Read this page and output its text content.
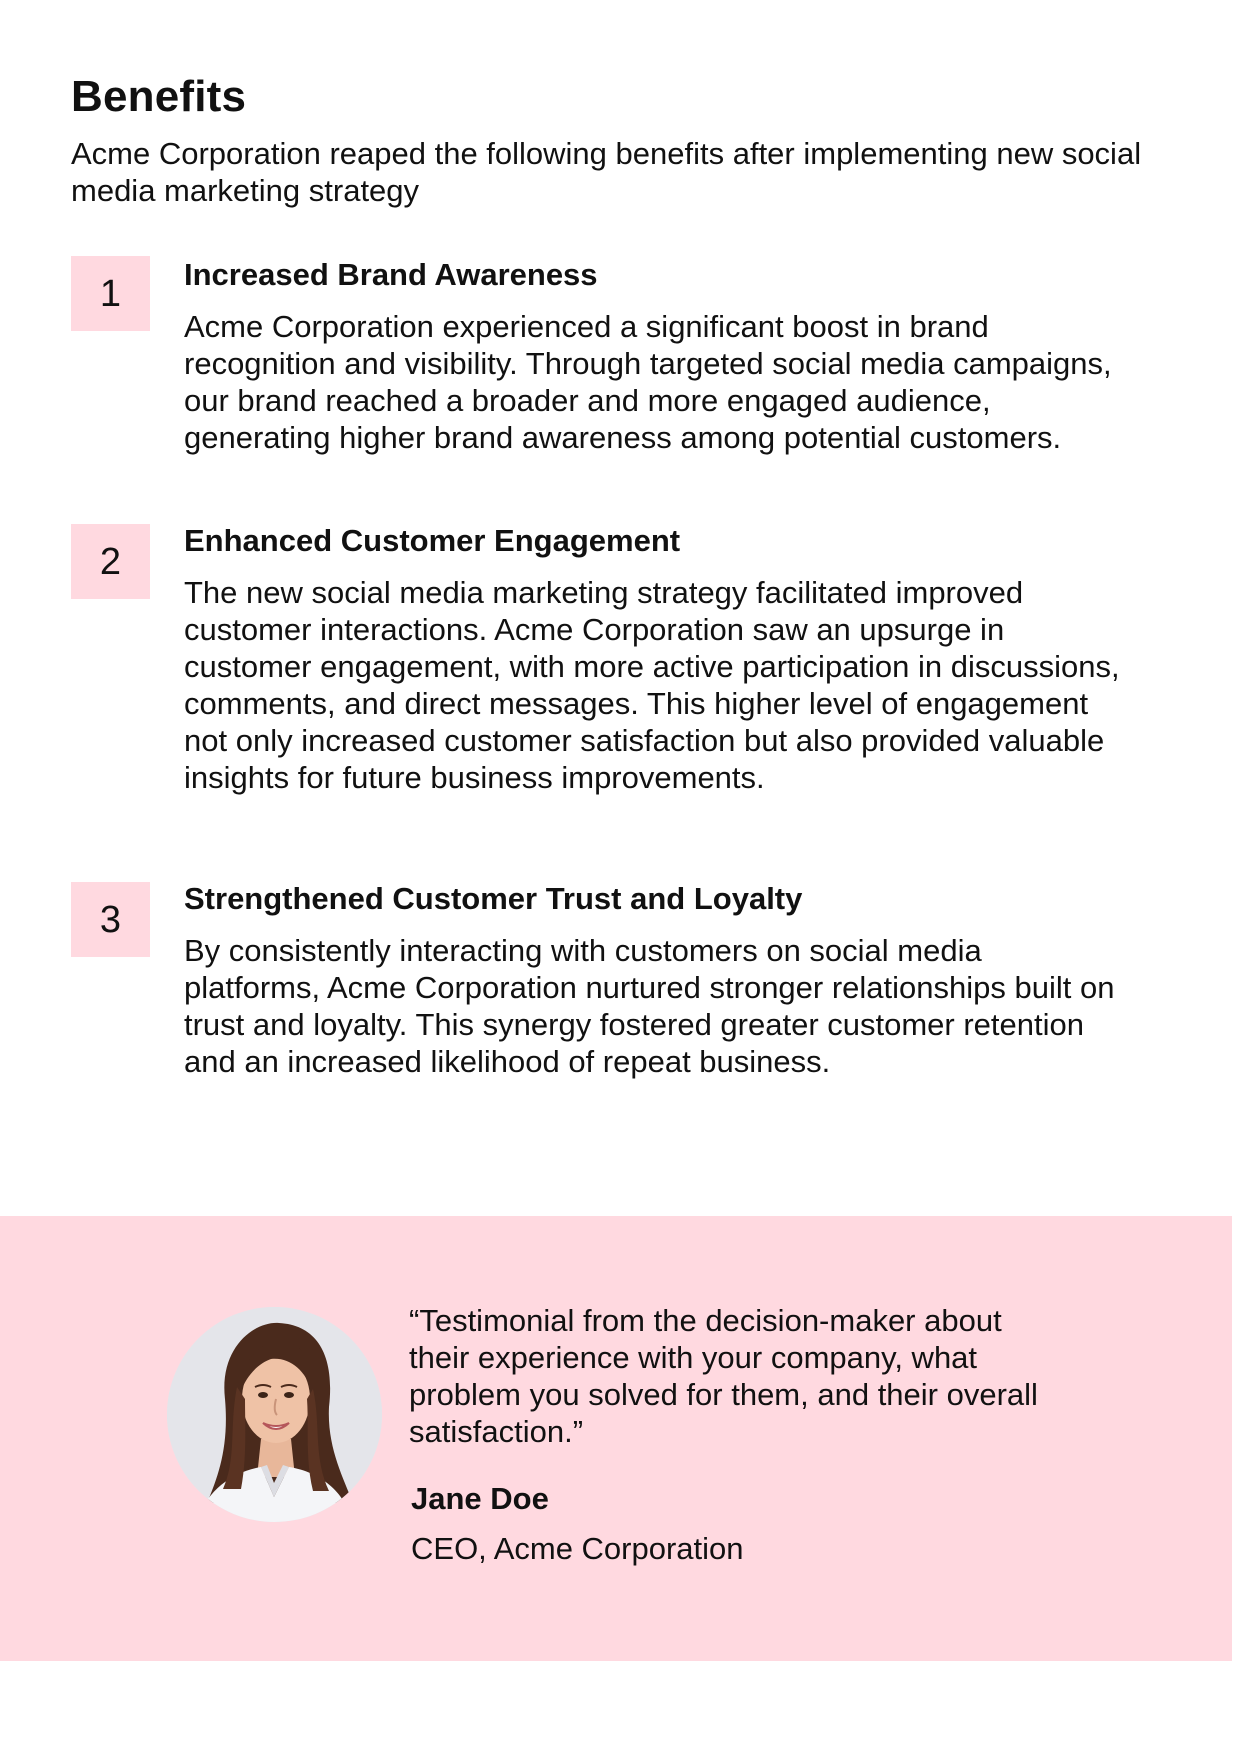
Benefits

Acme Corporation reaped the following benefits after implementing new social media marketing strategy

1	Increased Brand Awareness

Acme Corporation experienced a significant boost in brand recognition and visibility. Through targeted social media campaigns, our brand reached a broader and more engaged audience, generating higher brand awareness among potential customers.

2	Enhanced Customer Engagement

The new social media marketing strategy facilitated improved customer interactions. Acme Corporation saw an upsurge in customer engagement, with more active participation in discussions, comments, and direct messages. This higher level of engagement not only increased customer satisfaction but also provided valuable insights for future business improvements.

3	Strengthened Customer Trust and Loyalty

By consistently interacting with customers on social media platforms, Acme Corporation nurtured stronger relationships built on trust and loyalty. This synergy fostered greater customer retention and an increased likelihood of repeat business.

“Testimonial from the decision-maker about their experience with your company, what problem you solved for them, and their overall satisfaction.”

Jane Doe

CEO, Acme Corporation
